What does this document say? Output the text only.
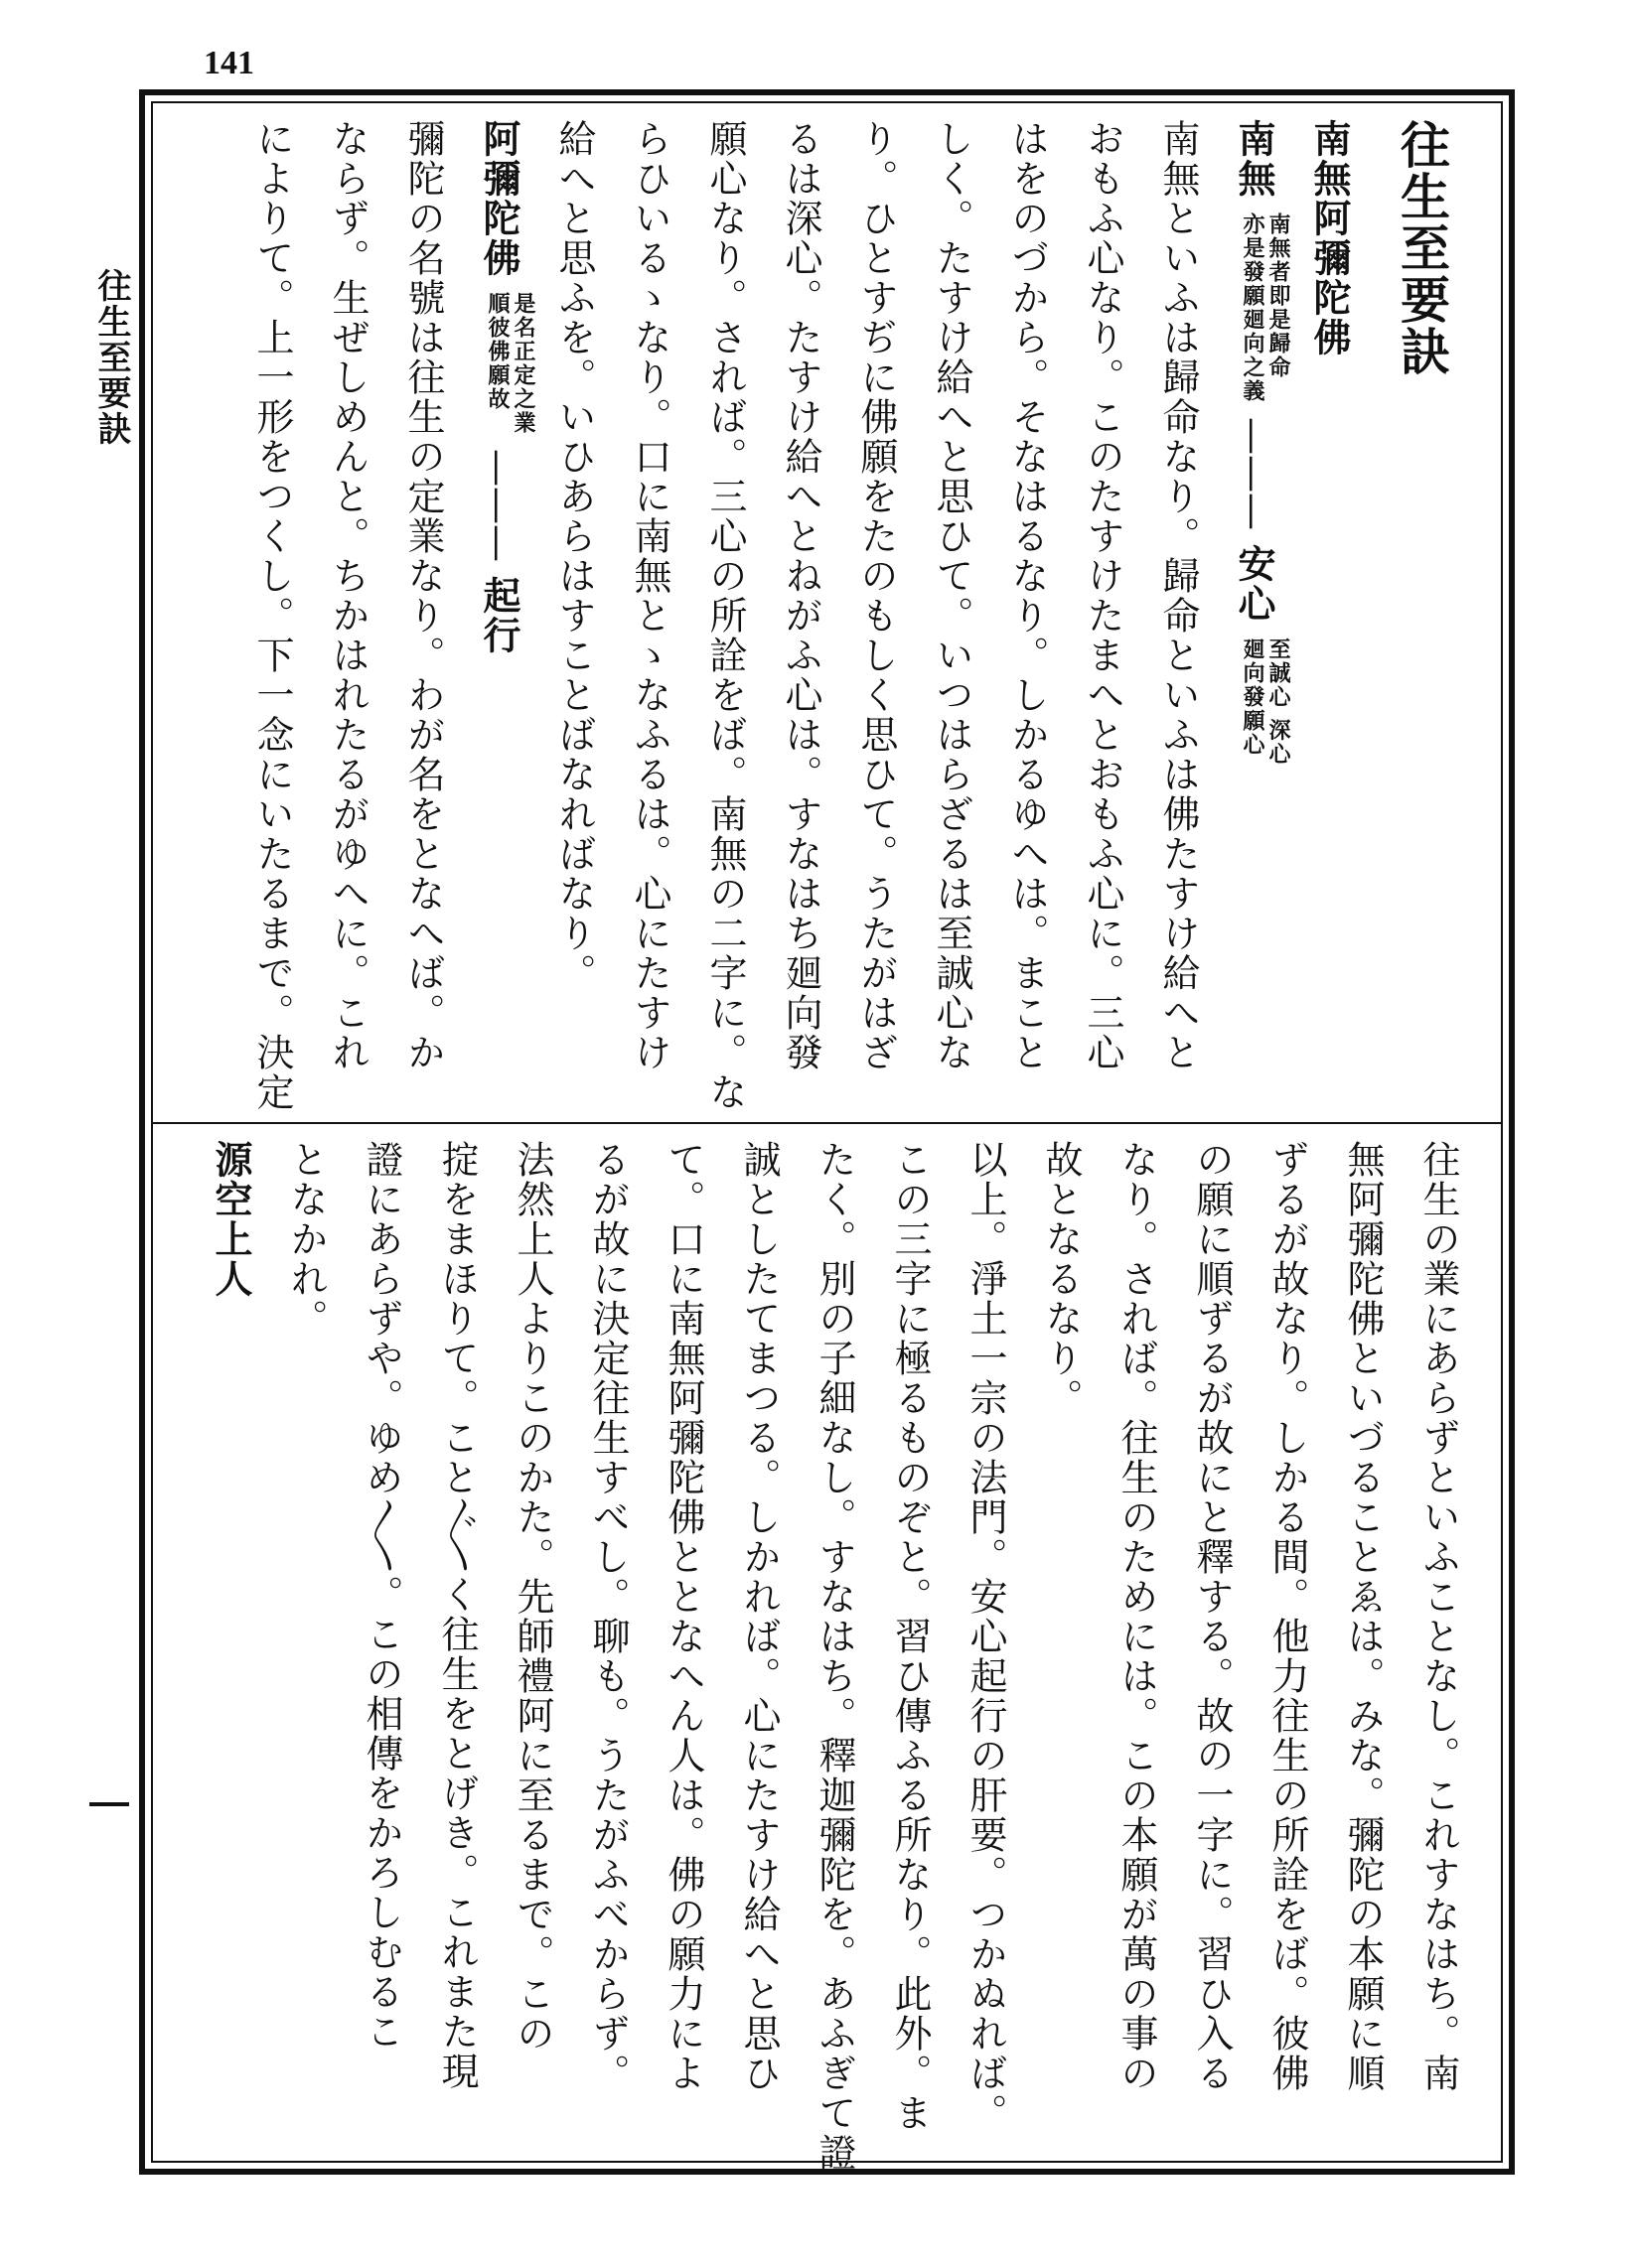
141
往生至要訣	往生至要訣
南無阿彌陀佛
南無
南無者即是歸命
亦是發願廻向之義
——— 安心
至誠心 深心
廻向發願心
南無といふは歸命なり。歸命といふは佛たすけ給へと
おもふ心なり。このたすけたまへとおもふ心に。三心
はをのづから。そなはるなり。しかるゆへは。まこと
しく。たすけ給へと思ひて。いつはらざるは至誠心な
り。ひとすぢに佛願をたのもしく思ひて。うたがはざ
るは深心。たすけ給へとねがふ心は。すなはち廻向發
願心なり。されば。三心の所詮をば。南無の二字に。な
らひいるゝなり。口に南無とゝなふるは。心にたすけ
給へと思ふを。いひあらはすことばなればなり。
阿彌陀佛
是名正定之業
順彼佛願故
——— 起行
彌陀の名號は往生の定業なり。わが名をとなへば。か
ならず。生ぜしめんと。ちかはれたるがゆへに。これ
によりて。上一形をつくし。下一念にいたるまで。決定
往生の業にあらずといふことなし。これすなはち。南
無阿彌陀佛といづることゑは。みな。彌陀の本願に順
ずるが故なり。しかる間。他力往生の所詮をば。彼佛
の願に順ずるが故にと釋する。故の一字に。習ひ入る
なり。されば。往生のためには。この本願が萬の事の
故となるなり。
以上。淨土一宗の法門。安心起行の肝要。つかぬれば。
この三字に極るものぞと。習ひ傳ふる所なり。此外。ま
たく。別の子細なし。すなはち。釋迦彌陀を。あふぎて證
誠としたてまつる。しかれば。心にたすけ給へと思ひ
て。口に南無阿彌陀佛ととなへん人は。佛の願力によ
るが故に決定往生すべし。聊も。うたがふべからず。
法然上人よりこのかた。先師禮阿に至るまで。この
掟をまほりて。こと〴〵く往生をとげき。これまた現
證にあらずや。ゆめ〳〵。この相傳をかろしむるこ
となかれ。
源空上人
